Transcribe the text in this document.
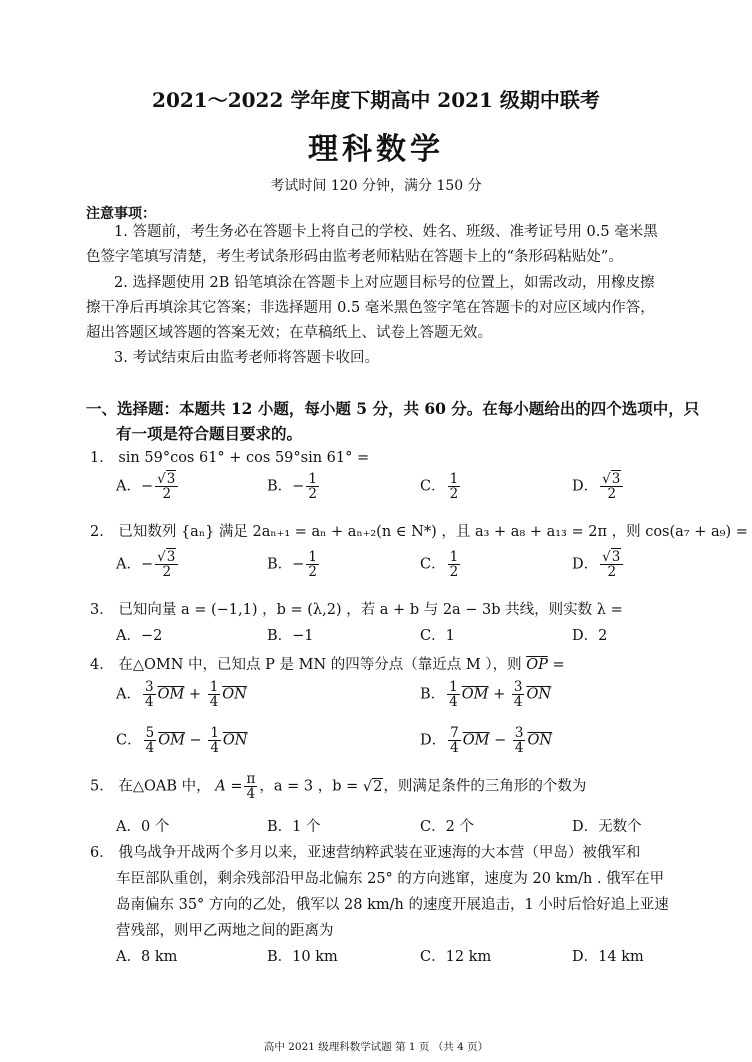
2021～2022 学年度下期高中 2021 级期中联考
理科数学
考试时间 120 分钟，满分 150 分
注意事项：
1. 答题前，考生务必在答题卡上将自己的学校、姓名、班级、准考证号用 0.5 毫米黑
色签字笔填写清楚，考生考试条形码由监考老师粘贴在答题卡上的“条形码粘贴处”。
2. 选择题使用 2B 铅笔填涂在答题卡上对应题目标号的位置上，如需改动，用橡皮擦
擦干净后再填涂其它答案；非选择题用 0.5 毫米黑色签字笔在答题卡的对应区域内作答，
超出答题区域答题的答案无效；在草稿纸上、试卷上答题无效。
3. 考试结束后由监考老师将答题卡收回。
一、选择题：本题共 12 小题，每小题 5 分，共 60 分。在每小题给出的四个选项中，只
有一项是符合题目要求的。
1． sin 59°cos 61° + cos 59°sin 61° =
A．− $\frac{√3}{2}$	B．− $\frac{1}{2}$	C． $\frac{1}{2}$	D． $\frac{√3}{2}$
2． 已知数列 {aₙ} 满足 2aₙ₊₁ = aₙ + aₙ₊₂(n ∈ N*) ，且 a₃ + a₈ + a₁₃ = 2π ，则 cos(a₇ + a₉) =
A．− $\frac{√3}{2}$	B．− $\frac{1}{2}$	C． $\frac{1}{2}$	D． $\frac{√3}{2}$
3． 已知向量 a = (−1,1) ，b = (λ,2) ，若 a + b 与 2a − 3b 共线，则实数 λ =
A．−2	B．−1	C．1	D．2
4． 在△OMN 中，已知点 P 是 MN 的四等分点（靠近点 M ），则 $\overline{OP}$ =
A． $\frac{3}{4} \overline{OM} + \frac{1}{4} \overline{ON}$	B． $\frac{1}{4} \overline{OM} + \frac{3}{4} \overline{ON}$
C． $\frac{5}{4} \overline{OM} - \frac{1}{4} \overline{ON}$	D． $\frac{7}{4} \overline{OM} - \frac{3}{4} \overline{ON}$
5． 在△OAB 中， $A = \frac{\pi}{4}$ ，a = 3 ，b = √2，则满足条件的三角形的个数为
A．0 个	B．1 个	C．2 个	D．无数个
6． 俄乌战争开战两个多月以来，亚速营纳粹武装在亚速海的大本营（甲岛）被俄军和
车臣部队重创，剩余残部沿甲岛北偏东 25° 的方向逃窜，速度为 20 km/h . 俄军在甲
岛南偏东 35° 方向的乙处，俄军以 28 km/h 的速度开展追击，1 小时后恰好追上亚速
营残部，则甲乙两地之间的距离为
A．8 km	B．10 km	C．12 km	D．14 km
高中 2021 级理科数学试题 第 1 页 （共 4 页）
